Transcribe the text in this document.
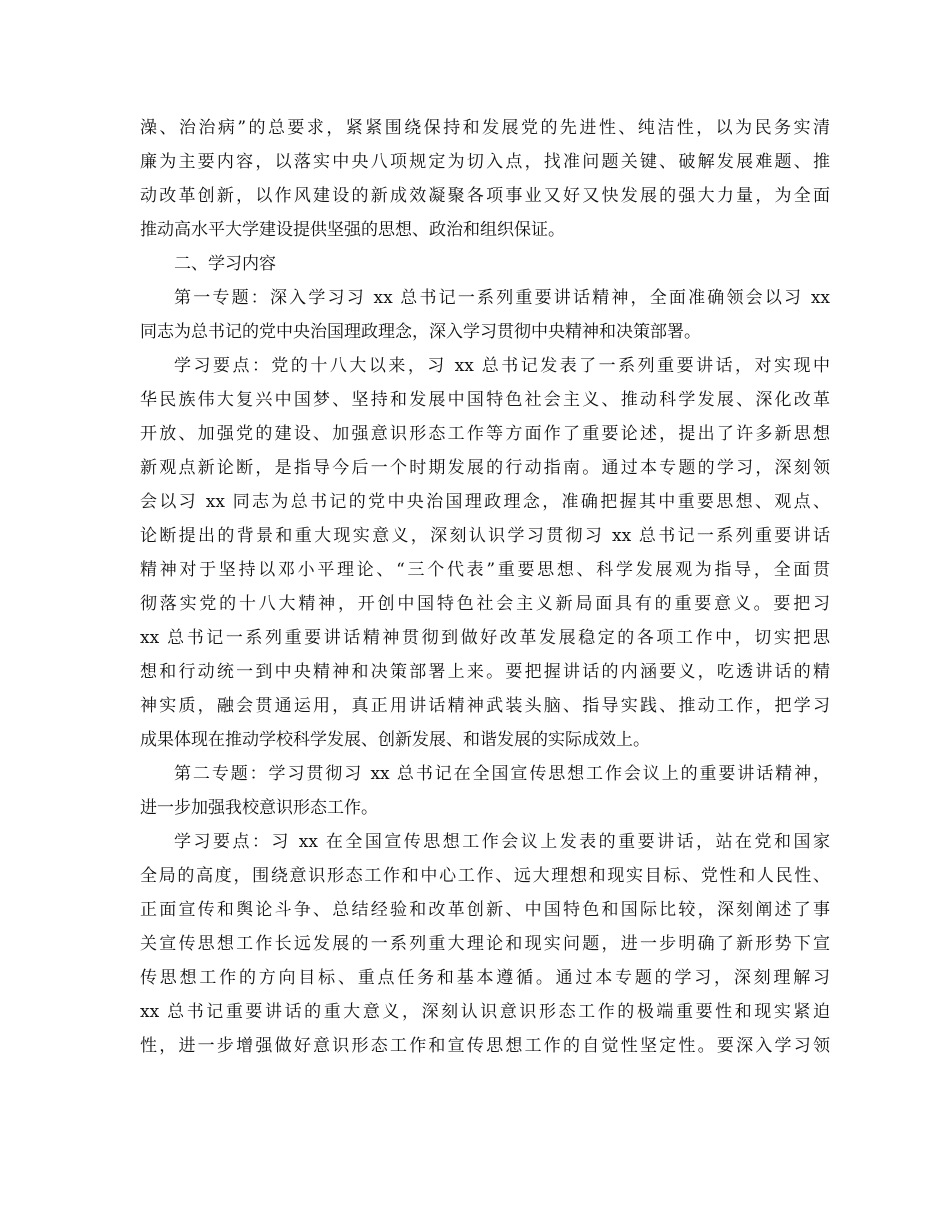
澡、治治病”的总要求，紧紧围绕保持和发展党的先进性、纯洁性，以为民务实清
廉为主要内容，以落实中央八项规定为切入点，找准问题关键、破解发展难题、推
动改革创新，以作风建设的新成效凝聚各项事业又好又快发展的强大力量，为全面
推动高水平大学建设提供坚强的思想、政治和组织保证。
二、学习内容
第一专题：深入学习习 xx 总书记一系列重要讲话精神，全面准确领会以习 xx
同志为总书记的党中央治国理政理念，深入学习贯彻中央精神和决策部署。
学习要点：党的十八大以来，习 xx 总书记发表了一系列重要讲话，对实现中
华民族伟大复兴中国梦、坚持和发展中国特色社会主义、推动科学发展、深化改革
开放、加强党的建设、加强意识形态工作等方面作了重要论述，提出了许多新思想
新观点新论断，是指导今后一个时期发展的行动指南。通过本专题的学习，深刻领
会以习 xx 同志为总书记的党中央治国理政理念，准确把握其中重要思想、观点、
论断提出的背景和重大现实意义，深刻认识学习贯彻习 xx 总书记一系列重要讲话
精神对于坚持以邓小平理论、“三个代表”重要思想、科学发展观为指导，全面贯
彻落实党的十八大精神，开创中国特色社会主义新局面具有的重要意义。要把习
xx 总书记一系列重要讲话精神贯彻到做好改革发展稳定的各项工作中，切实把思
想和行动统一到中央精神和决策部署上来。要把握讲话的内涵要义，吃透讲话的精
神实质，融会贯通运用，真正用讲话精神武装头脑、指导实践、推动工作，把学习
成果体现在推动学校科学发展、创新发展、和谐发展的实际成效上。
第二专题：学习贯彻习 xx 总书记在全国宣传思想工作会议上的重要讲话精神，
进一步加强我校意识形态工作。
学习要点：习 xx 在全国宣传思想工作会议上发表的重要讲话，站在党和国家
全局的高度，围绕意识形态工作和中心工作、远大理想和现实目标、党性和人民性、
正面宣传和舆论斗争、总结经验和改革创新、中国特色和国际比较，深刻阐述了事
关宣传思想工作长远发展的一系列重大理论和现实问题，进一步明确了新形势下宣
传思想工作的方向目标、重点任务和基本遵循。通过本专题的学习，深刻理解习
xx 总书记重要讲话的重大意义，深刻认识意识形态工作的极端重要性和现实紧迫
性，进一步增强做好意识形态工作和宣传思想工作的自觉性坚定性。要深入学习领
